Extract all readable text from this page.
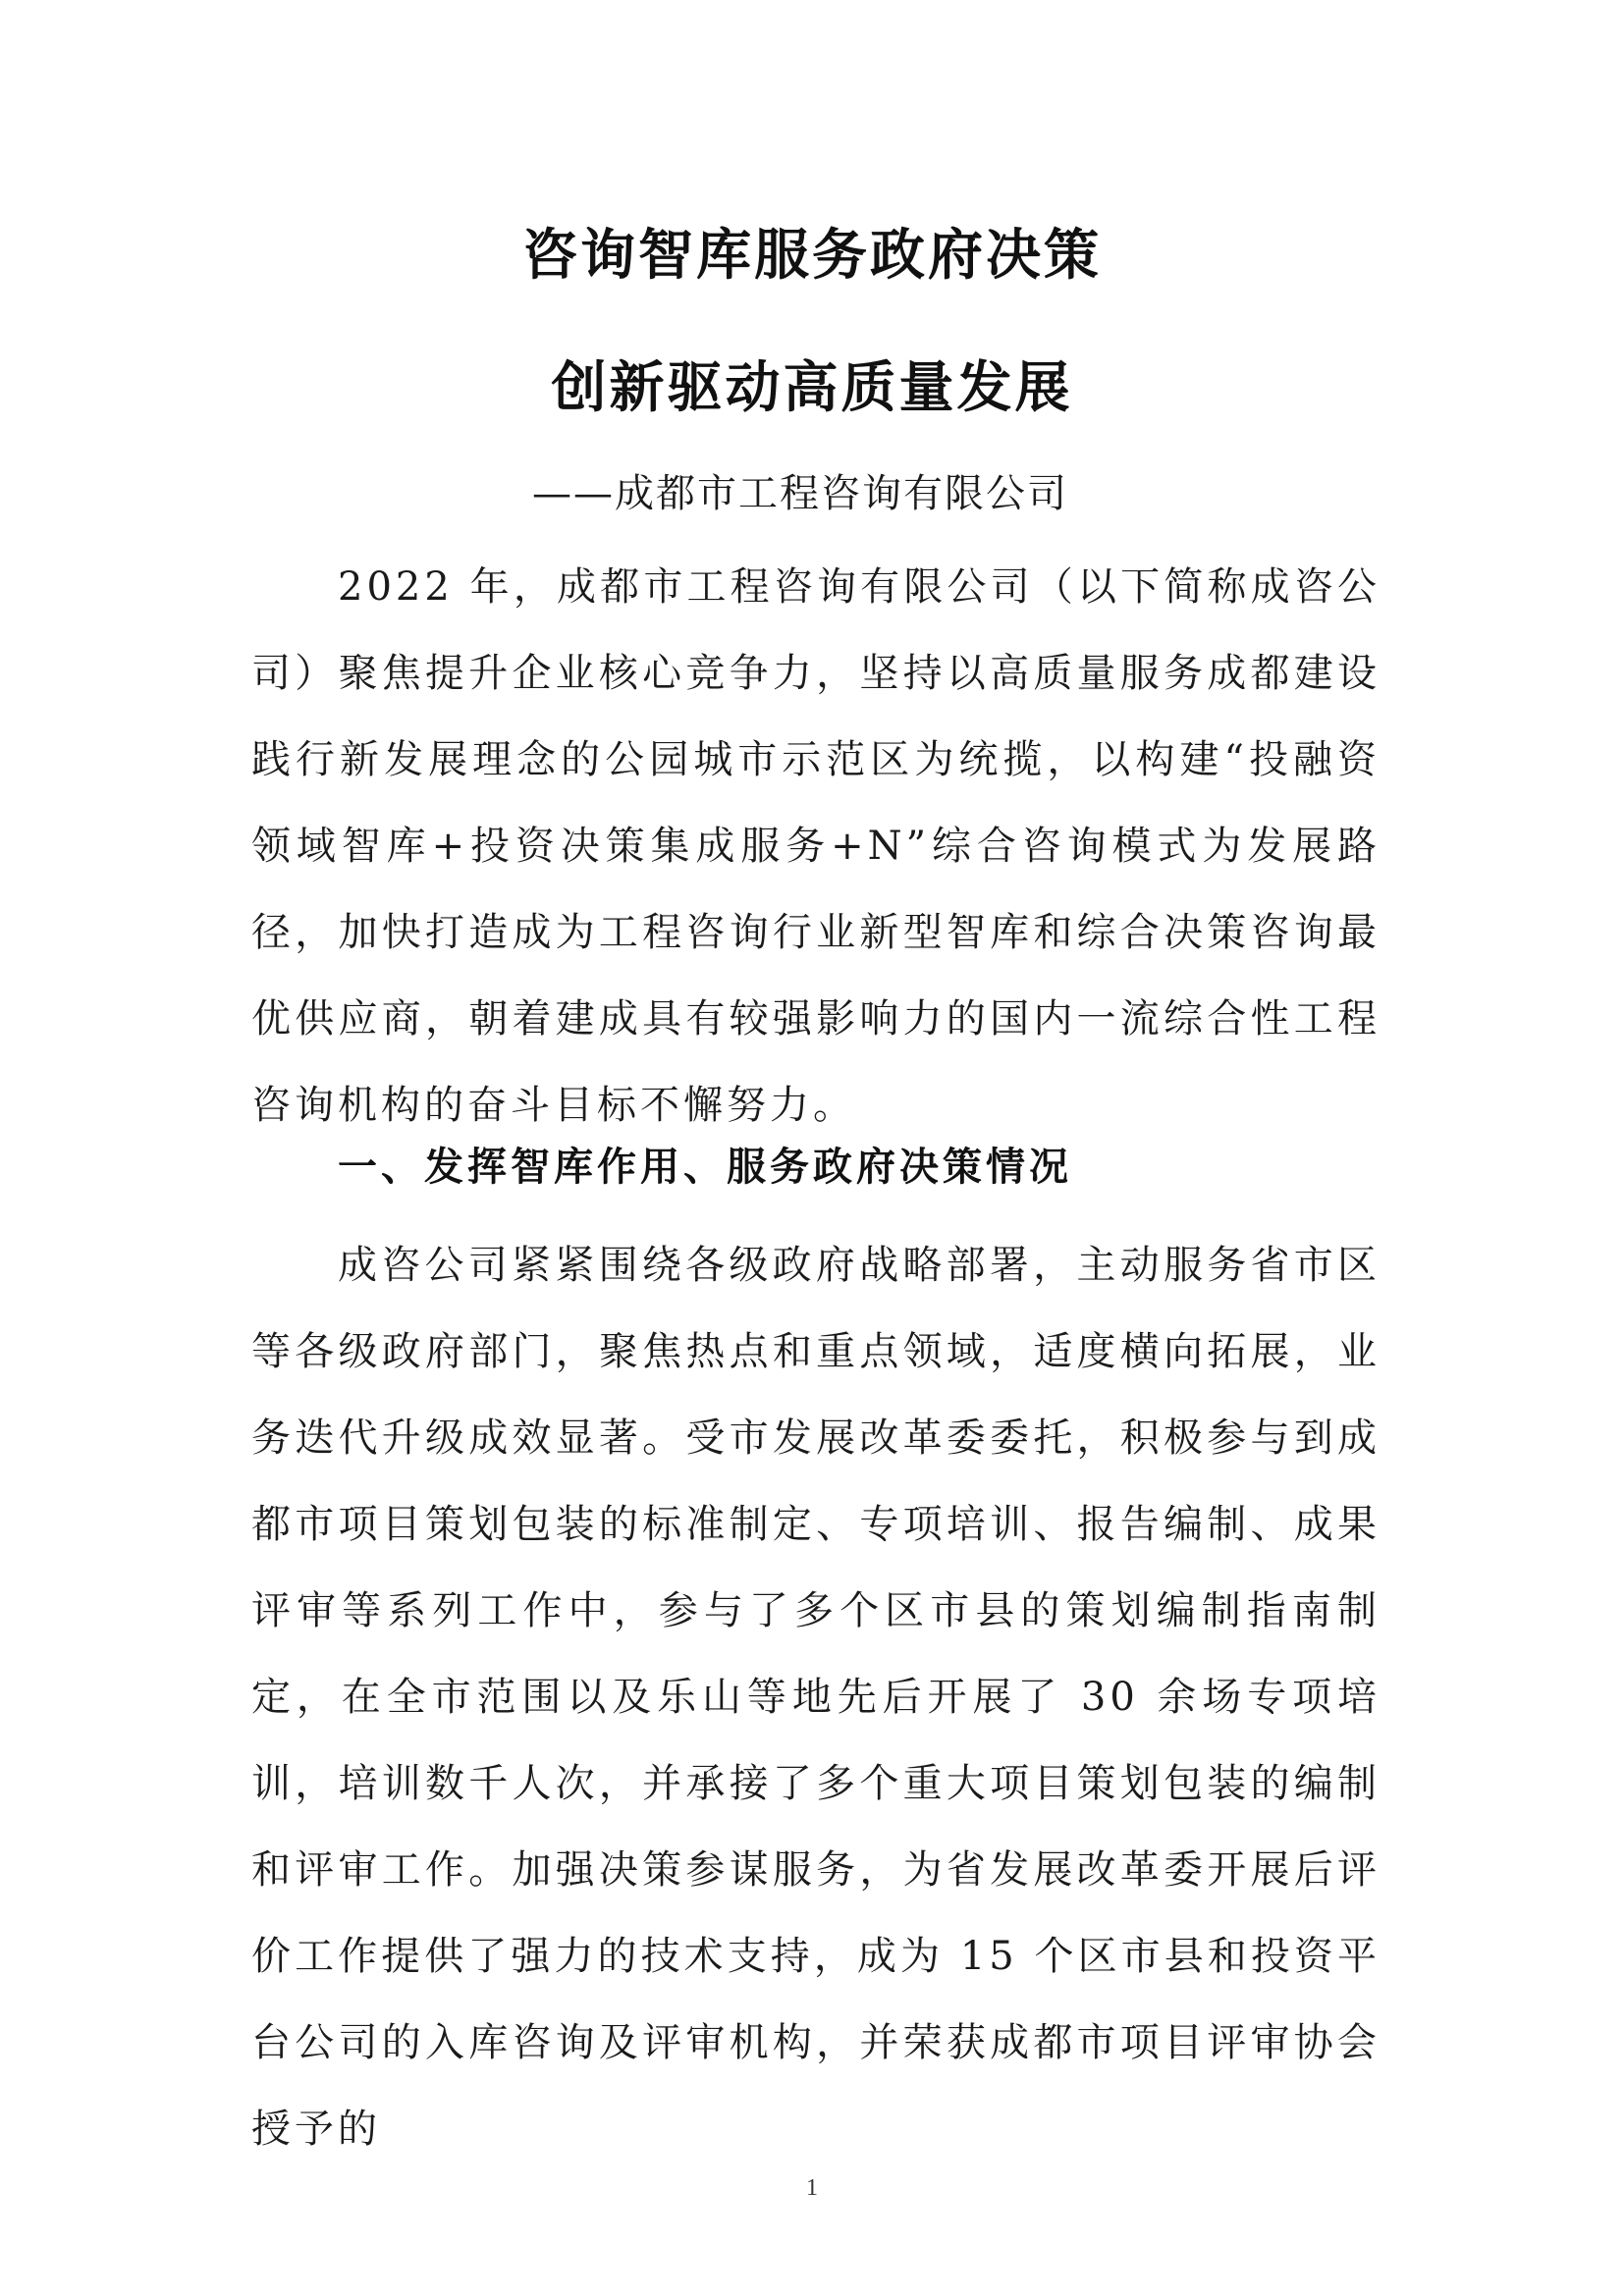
咨询智库服务政府决策
创新驱动高质量发展
——成都市工程咨询有限公司

2022 年，成都市工程咨询有限公司（以下简称成咨公司）聚焦提升企业核心竞争力，坚持以高质量服务成都建设践行新发展理念的公园城市示范区为统揽，以构建“投融资领域智库+投资决策集成服务+N”综合咨询模式为发展路径，加快打造成为工程咨询行业新型智库和综合决策咨询最优供应商，朝着建成具有较强影响力的国内一流综合性工程咨询机构的奋斗目标不懈努力。

一、发挥智库作用、服务政府决策情况

成咨公司紧紧围绕各级政府战略部署，主动服务省市区等各级政府部门，聚焦热点和重点领域，适度横向拓展，业务迭代升级成效显著。受市发展改革委委托，积极参与到成都市项目策划包装的标准制定、专项培训、报告编制、成果评审等系列工作中，参与了多个区市县的策划编制指南制定，在全市范围以及乐山等地先后开展了 30 余场专项培训，培训数千人次，并承接了多个重大项目策划包装的编制和评审工作。加强决策参谋服务，为省发展改革委开展后评价工作提供了强力的技术支持，成为 15 个区市县和投资平台公司的入库咨询及评审机构，并荣获成都市项目评审协会授予的

1
